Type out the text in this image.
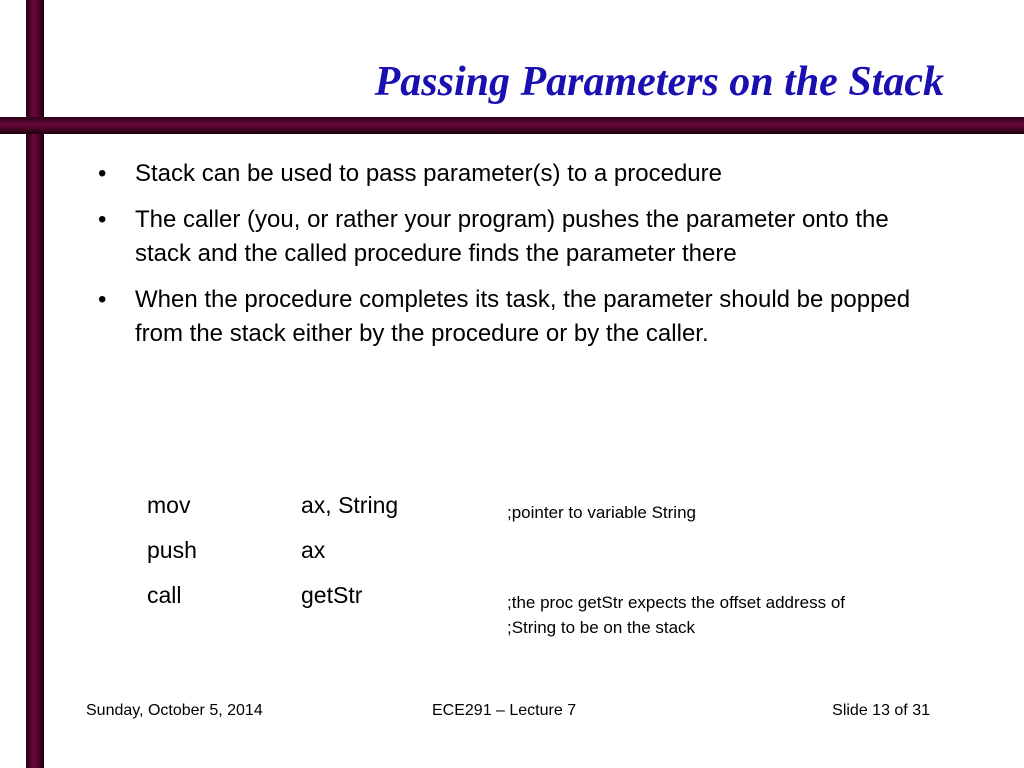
Passing Parameters on the Stack
•	Stack can be used to pass parameter(s) to a procedure
•	The caller (you, or rather your program) pushes the parameter onto the stack and the called procedure finds the parameter there
•	When the procedure completes its task, the parameter should be popped from the stack either by the procedure or by the caller.
mov	ax, String	;pointer to variable String
push	ax
call	getStr	;the proc getStr expects the offset address of
;String to be on the stack
Sunday, October 5, 2014	ECE291 – Lecture 7	Slide 13 of 31
